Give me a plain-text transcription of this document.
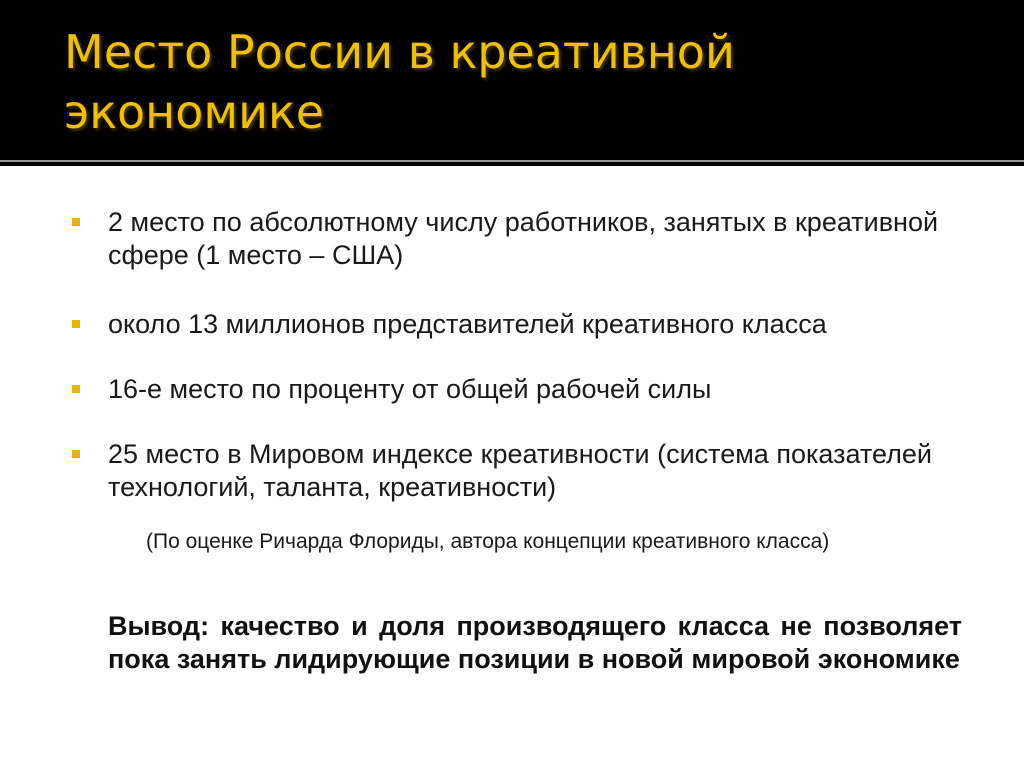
Место России в креативной экономике
2 место по абсолютному числу работников, занятых в креативной сфере (1 место – США)
около 13 миллионов представителей креативного класса
16-е место по проценту от общей рабочей силы
25 место в Мировом индексе креативности (система показателей технологий, таланта, креативности)

(По оценке Ричарда Флориды, автора концепции креативного класса)

Вывод: качество и доля производящего класса не позволяет пока занять лидирующие позиции в новой мировой экономике
